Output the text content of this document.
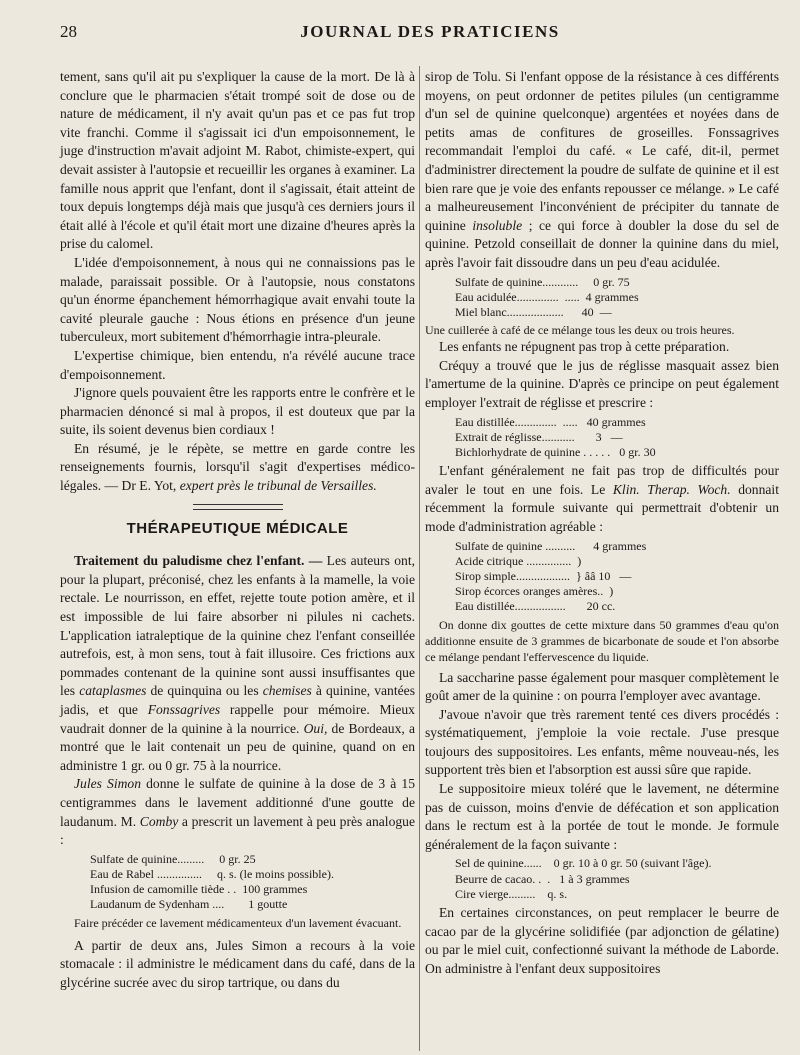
28	JOURNAL DES PRATICIENS

tement, sans qu'il ait pu s'expliquer la cause de la mort. De là à conclure que le pharmacien s'était trompé soit de dose ou de nature de médicament, il n'y avait qu'un pas et ce pas fut trop vite franchi. Comme il s'agissait ici d'un empoisonnement, le juge d'instruction m'avait adjoint M. Rabot, chimiste-expert, qui devait assister à l'autopsie et recueillir les organes à examiner. La famille nous apprit que l'enfant, dont il s'agissait, était atteint de toux depuis longtemps déjà mais que jusqu'à ces derniers jours il était allé à l'école et qu'il était mort une dizaine d'heures après la prise du calomel.

L'idée d'empoisonnement, à nous qui ne connaissions pas le malade, paraissait possible. Or à l'autopsie, nous constatons qu'un énorme épanchement hémorrhagique avait envahi toute la cavité pleurale gauche : Nous étions en présence d'un jeune tuberculeux, mort subitement d'hémorrhagie intra-pleurale.

L'expertise chimique, bien entendu, n'a révélé aucune trace d'empoisonnement.

J'ignore quels pouvaient être les rapports entre le confrère et le pharmacien dénoncé si mal à propos, il est douteux que par la suite, ils soient devenus bien cordiaux !

En résumé, je le répète, se mettre en garde contre les renseignements fournis, lorsqu'il s'agit d'expertises médico-légales. — Dr E. Yot, expert près le tribunal de Versailles.

THÉRAPEUTIQUE MÉDICALE

Traitement du paludisme chez l'enfant. — Les auteurs ont, pour la plupart, préconisé, chez les enfants à la mamelle, la voie rectale. Le nourrisson, en effet, rejette toute potion amère, et il est impossible de lui faire absorber ni pilules ni cachets. L'application iatraleptique de la quinine chez l'enfant conseillée autrefois, est, à mon sens, tout à fait illusoire. Ces frictions aux pommades contenant de la quinine sont aussi insuffisantes que les cataplasmes de quinquina ou les chemises à quinine, vantées jadis, et que Fonssagrives rappelle pour mémoire. Mieux vaudrait donner de la quinine à la nourrice. Oui, de Bordeaux, a montré que le lait contenait un peu de quinine, quand on en administre 1 gr. ou 0 gr. 75 à la nourrice.

Jules Simon donne le sulfate de quinine à la dose de 3 à 15 centigrammes dans le lavement additionné d'une goutte de laudanum. M. Comby a prescrit un lavement à peu près analogue :

Sulfate de quinine.........     0 gr. 25
Eau de Rabel ...............     q. s. (le moins possible).
Infusion de camomille tiède . .  100 grammes
Laudanum de Sydenham ....        1 goutte

Faire précéder ce lavement médicamenteux d'un lavement évacuant.

A partir de deux ans, Jules Simon a recours à la voie stomacale : il administre le médicament dans du café, dans de la glycérine sucrée avec du sirop tartrique, ou dans du

sirop de Tolu. Si l'enfant oppose de la résistance à ces différents moyens, on peut ordonner de petites pilules (un centigramme d'un sel de quinine quelconque) argentées et noyées dans de petits amas de confitures de groseilles. Fonssagrives recommandait l'emploi du café. « Le café, dit-il, permet d'administrer directement la poudre de sulfate de quinine et il est bien rare que je voie des enfants repousser ce mélange. » Le café a malheureusement l'inconvénient de précipiter du tannate de quinine insoluble ; ce qui force à doubler la dose du sel de quinine. Petzold conseillait de donner la quinine dans du miel, après l'avoir fait dissoudre dans un peu d'eau acidulée.

Sulfate de quinine............     0 gr. 75
Eau acidulée..............  .....  4 grammes
Miel blanc...................      40  —

Une cuillerée à café de ce mélange tous les deux ou trois heures.

Les enfants ne répugnent pas trop à cette préparation.

Créquy a trouvé que le jus de réglisse masquait assez bien l'amertume de la quinine. D'après ce principe on peut également employer l'extrait de réglisse et prescrire :

Eau distillée..............  .....   40 grammes
Extrait de réglisse...........       3   —
Bichlorhydrate de quinine . . . . .   0 gr. 30

L'enfant généralement ne fait pas trop de difficultés pour avaler le tout en une fois. Le Klin. Therap. Woch. donnait récemment la formule suivante qui permettrait d'obtenir un mode d'administration agréable :

Sulfate de quinine ..........      4 grammes
Acide citrique ...............  )
Sirop simple..................  } ââ 10   —
Sirop écorces oranges amères..  )
Eau distillée.................       20 cc.

On donne dix gouttes de cette mixture dans 50 grammes d'eau qu'on additionne ensuite de 3 grammes de bicarbonate de soude et l'on absorbe ce mélange pendant l'effervescence du liquide.

La saccharine passe également pour masquer complètement le goût amer de la quinine : on pourra l'employer avec avantage.

J'avoue n'avoir que très rarement tenté ces divers procédés : systématiquement, j'emploie la voie rectale. J'use presque toujours des suppositoires. Les enfants, même nouveau-nés, les supportent très bien et l'absorption est aussi sûre que rapide.

Le suppositoire mieux toléré que le lavement, ne détermine pas de cuisson, moins d'envie de défécation et son application dans le rectum est à la portée de tout le monde. Je formule généralement de la façon suivante :

Sel de quinine......    0 gr. 10 à 0 gr. 50 (suivant l'âge).
Beurre de cacao. .  .   1 à 3 grammes
Cire vierge.........    q. s.

En certaines circonstances, on peut remplacer le beurre de cacao par de la glycérine solidifiée (par adjonction de gélatine) ou par le miel cuit, confectionné suivant la méthode de Laborde. On administre à l'enfant deux suppositoires
